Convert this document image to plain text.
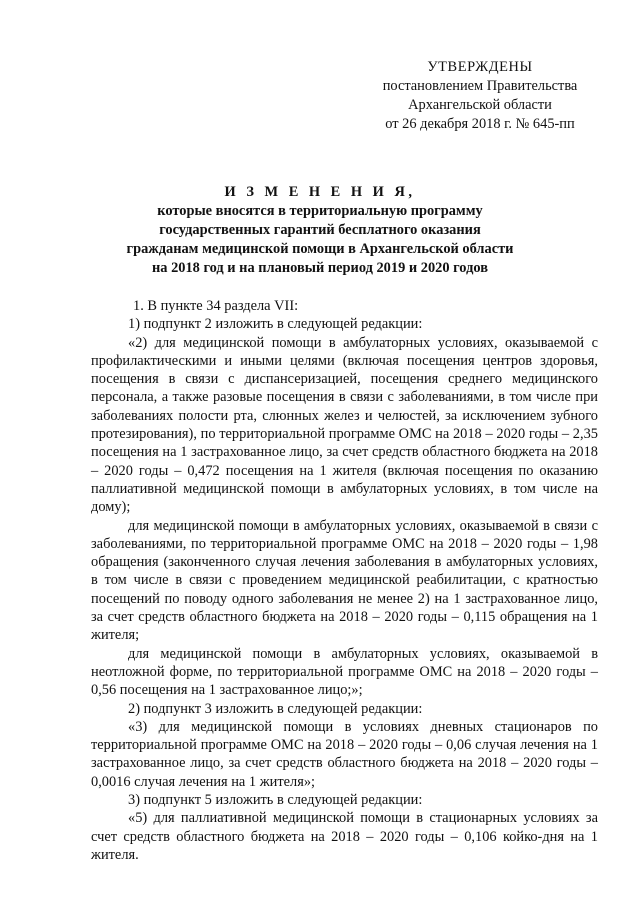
УТВЕРЖДЕНЫ
постановлением Правительства
Архангельской области
от 26 декабря 2018 г. № 645-пп
И З М Е Н Е Н И Я,
которые вносятся в территориальную программу
государственных гарантий бесплатного оказания
гражданам медицинской помощи в Архангельской области
на 2018 год и на плановый период 2019 и 2020 годов

1. В пункте 34 раздела VII:

1) подпункт 2 изложить в следующей редакции:

«2) для медицинской помощи в амбулаторных условиях, оказываемой с профилактическими и иными целями (включая посещения центров здоровья, посещения в связи с диспансеризацией, посещения среднего медицинского персонала, а также разовые посещения в связи с заболеваниями, в том числе при заболеваниях полости рта, слюнных желез и челюстей, за исключением зубного протезирования), по территориальной программе ОМС на 2018 – 2020 годы – 2,35 посещения на 1 застрахованное лицо, за счет средств областного бюджета на 2018 – 2020 годы – 0,472 посещения на 1 жителя (включая посещения по оказанию паллиативной медицинской помощи в амбулаторных условиях, в том числе на дому);

для медицинской помощи в амбулаторных условиях, оказываемой в связи с заболеваниями, по территориальной программе ОМС на 2018 – 2020 годы – 1,98 обращения (законченного случая лечения заболевания в амбулаторных условиях, в том числе в связи с проведением медицинской реабилитации, с кратностью посещений по поводу одного заболевания не менее 2) на 1 застрахованное лицо, за счет средств областного бюджета на 2018 – 2020 годы – 0,115 обращения на 1 жителя;

для медицинской помощи в амбулаторных условиях, оказываемой в неотложной форме, по территориальной программе ОМС на 2018 – 2020 годы – 0,56 посещения на 1 застрахованное лицо;»;

2) подпункт 3 изложить в следующей редакции:

«3) для медицинской помощи в условиях дневных стационаров по территориальной программе ОМС на 2018 – 2020 годы – 0,06 случая лечения на 1 застрахованное лицо, за счет средств областного бюджета на 2018 – 2020 годы – 0,0016 случая лечения на 1 жителя»;

3) подпункт 5 изложить в следующей редакции:

«5) для паллиативной медицинской помощи в стационарных условиях за счет средств областного бюджета на 2018 – 2020 годы – 0,106 койко-дня на 1 жителя.
